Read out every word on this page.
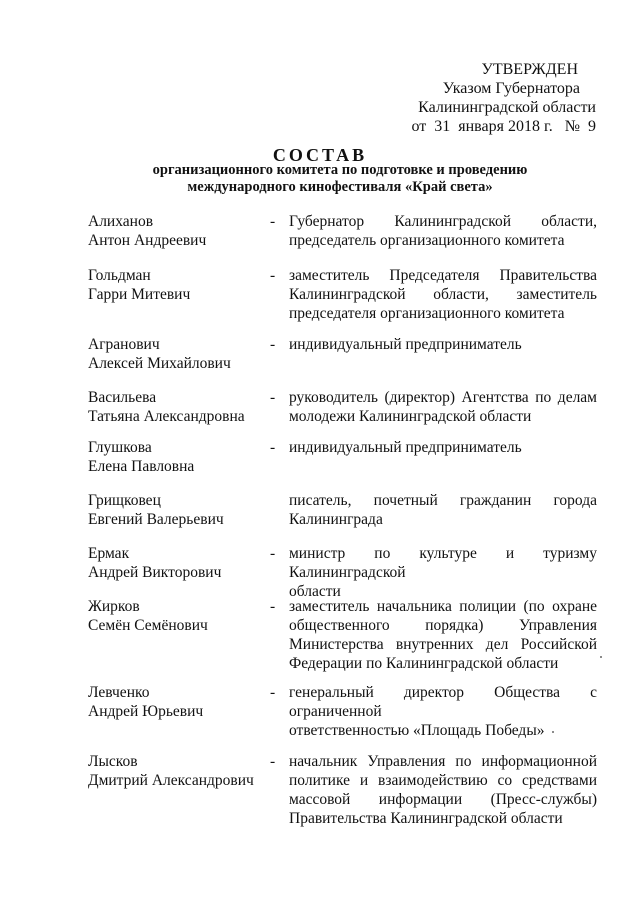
УТВЕРЖДЕН
Указом Губернатора
Калининградской области
от  31  января 2018 г.   №  9
СОСТАВ
организационного комитета по подготовке и проведению
международного кинофестиваля «Край света»
Алиханов
Антон Андреевич
- Губернатор Калининградской области,
председатель организационного комитета
Гольдман
Гарри Митевич
- заместитель Председателя Правительства
Калининградской области, заместитель
председателя организационного комитета
Агранович
Алексей Михайлович
- индивидуальный предприниматель
Васильева
Татьяна Александровна
- руководитель (директор) Агентства по делам
молодежи Калининградской области
Глушкова
Елена Павловна
- индивидуальный предприниматель
Грищковец
Евгений Валерьевич
писатель, почетный гражданин города
Калининграда
Ермак
Андрей Викторович
- министр по культуре и туризму Калининградской
области
Жирков
Семён Семёнович
- заместитель начальника полиции (по охране
общественного порядка) Управления
Министерства внутренних дел Российской
Федерации по Калининградской области
Левченко
Андрей Юрьевич
- генеральный директор Общества с ограниченной
ответственностью «Площадь Победы»
Лысков
Дмитрий Александрович
- начальник Управления по информационной
политике и взаимодействию со средствами
массовой информации (Пресс-службы)
Правительства Калининградской области
